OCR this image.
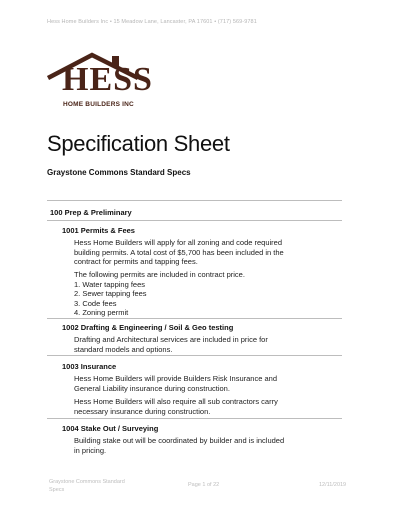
Hess Home Builders Inc • 15 Meadow Lane, Lancaster, PA 17601 • (717) 569-9781
HESS
HOME BUILDERS INC
Specification Sheet
Graystone Commons Standard Specs
100 Prep & Preliminary
1001 Permits & Fees
Hess Home Builders will apply for all zoning and code required
building permits. A total cost of $5,700 has been included in the
contract for permits and tapping fees.
The following permits are included in contract price.
1. Water tapping fees
2. Sewer tapping fees
3. Code fees
4. Zoning permit
1002 Drafting & Engineering / Soil & Geo testing
Drafting and Architectural services are included in price for
standard models and options.
1003 Insurance
Hess Home Builders will provide Builders Risk Insurance and
General Liability insurance during construction.
Hess Home Builders will also require all sub contractors carry
necessary insurance during construction.
1004 Stake Out / Surveying
Building stake out will be coordinated by builder and is included
in pricing.
Graystone Commons Standard
Specs
Page 1 of 22	12/11/2019
